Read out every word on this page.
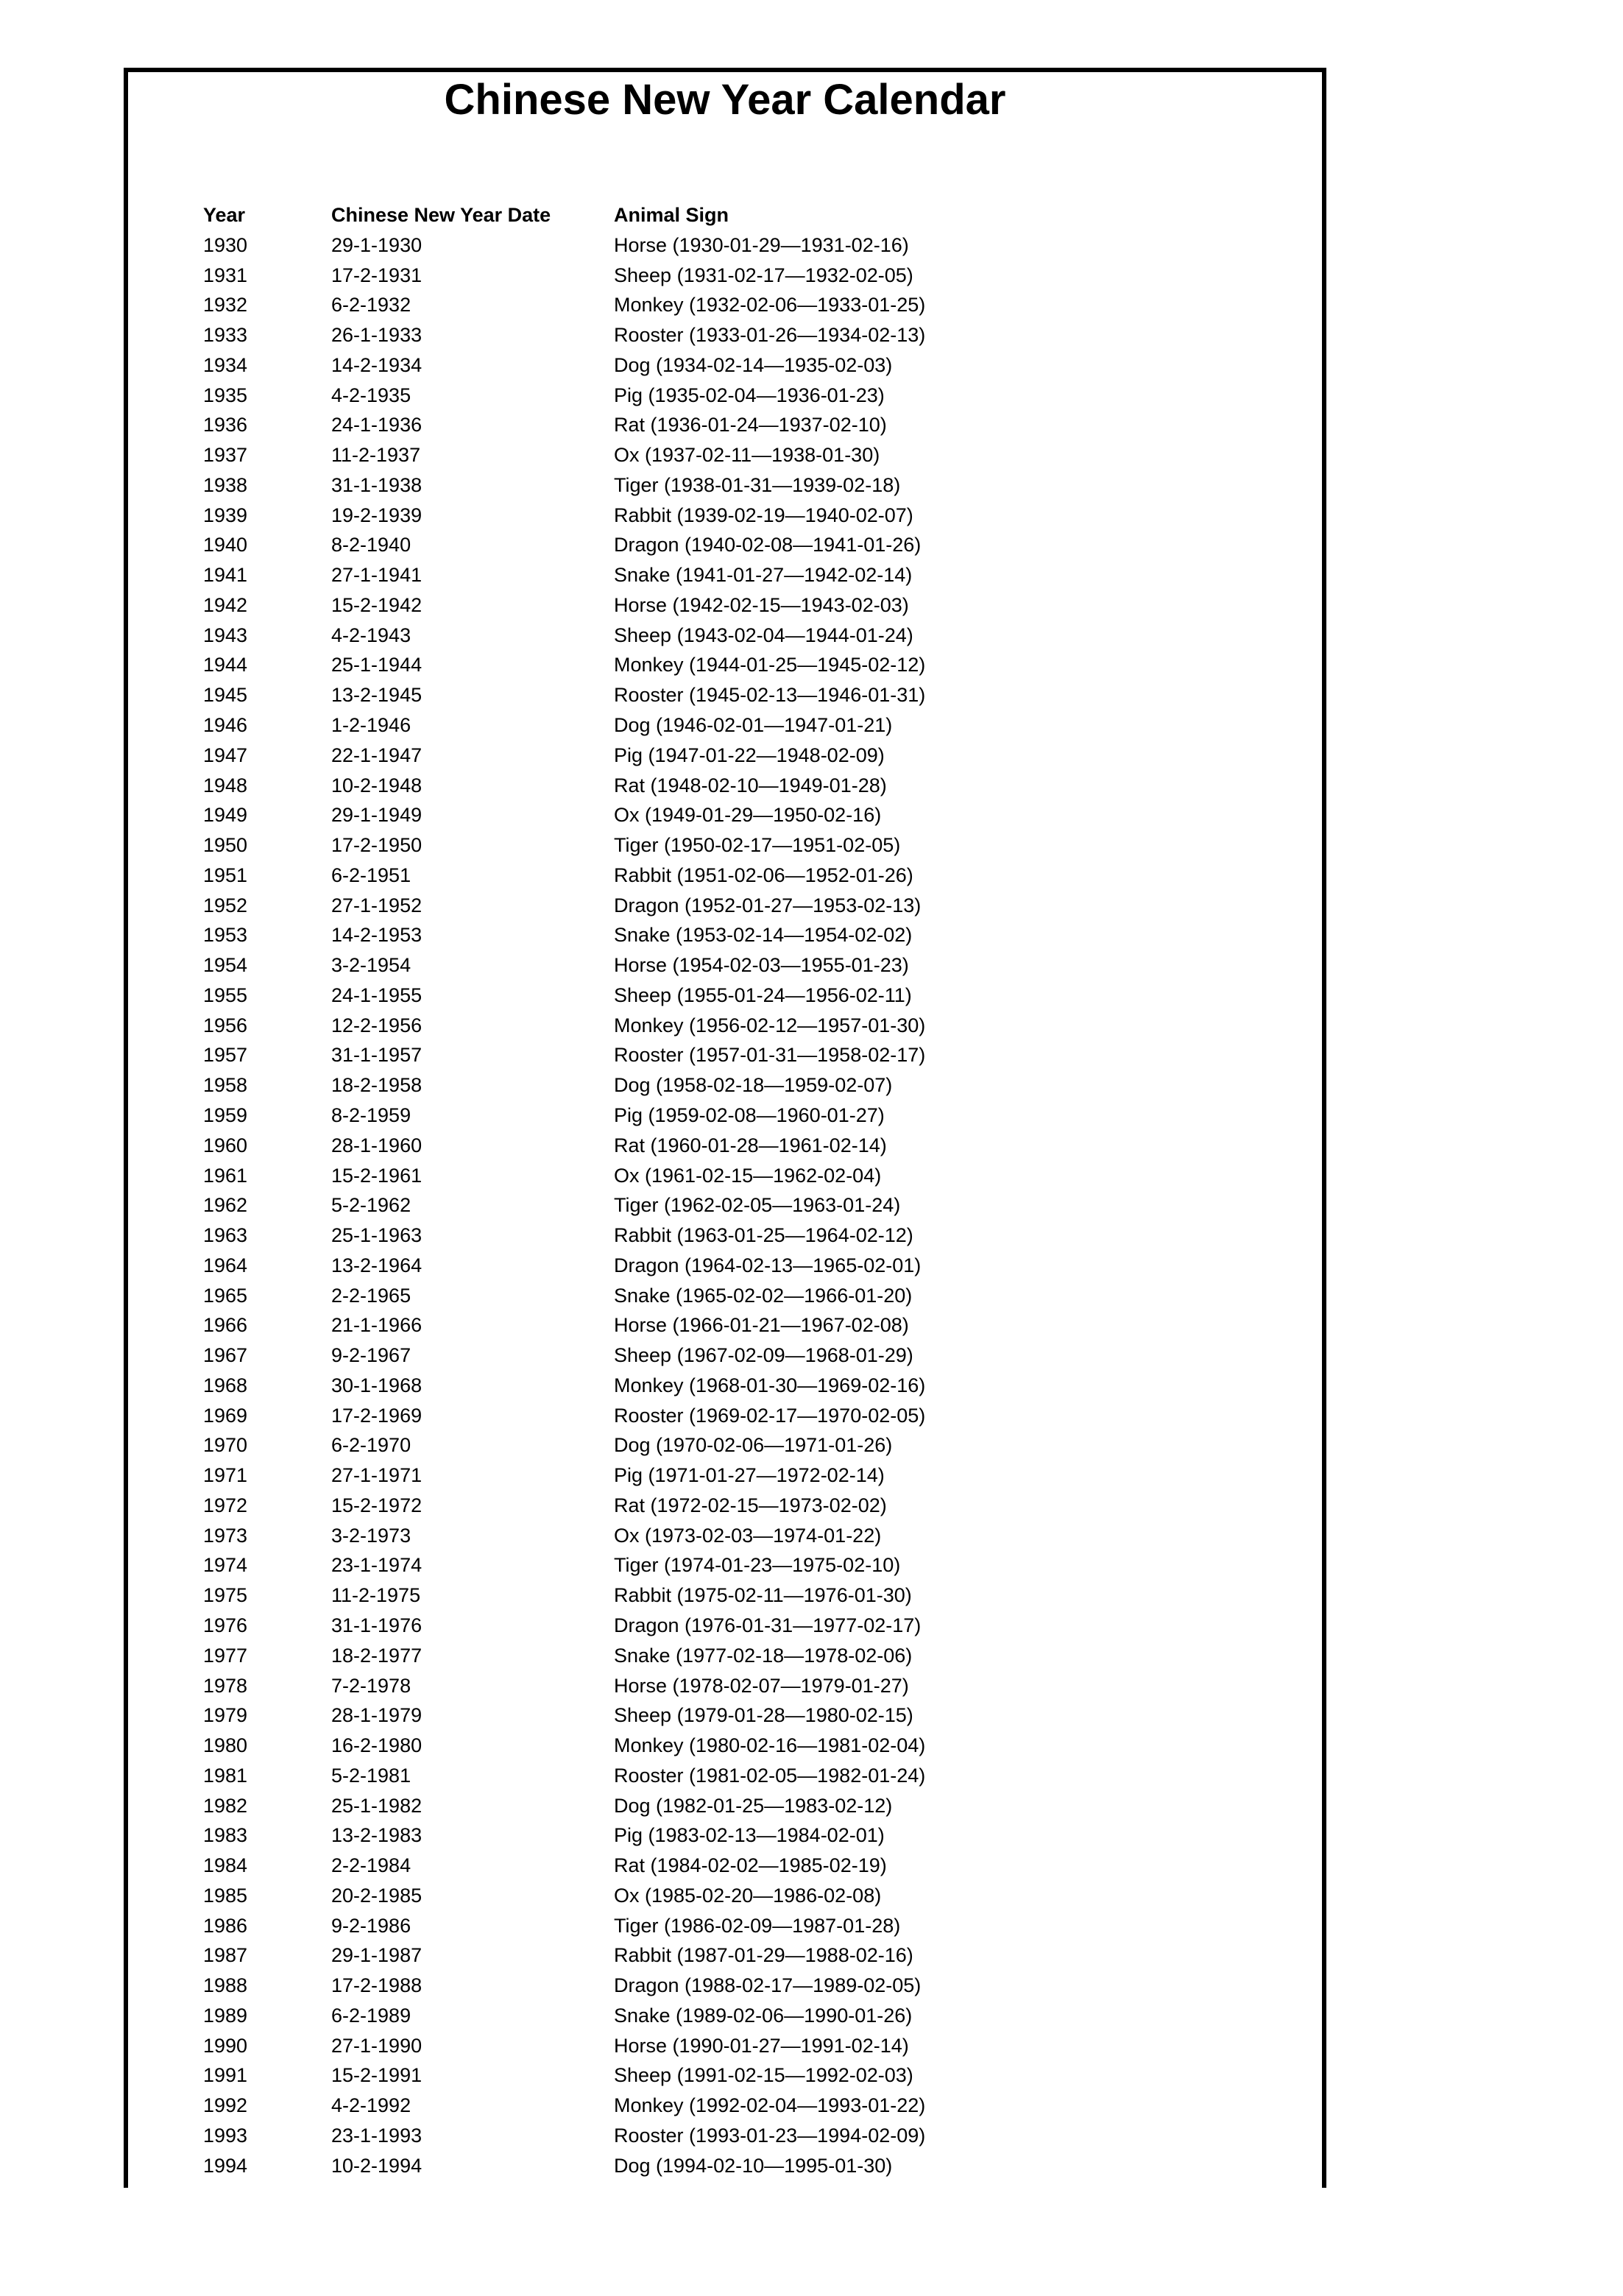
Chinese New Year Calendar
Year	Chinese New Year Date	Animal Sign
1930	29-1-1930	Horse (1930-01-29—1931-02-16)
1931	17-2-1931	Sheep (1931-02-17—1932-02-05)
1932	6-2-1932	Monkey (1932-02-06—1933-01-25)
1933	26-1-1933	Rooster (1933-01-26—1934-02-13)
1934	14-2-1934	Dog (1934-02-14—1935-02-03)
1935	4-2-1935	Pig (1935-02-04—1936-01-23)
1936	24-1-1936	Rat (1936-01-24—1937-02-10)
1937	11-2-1937	Ox (1937-02-11—1938-01-30)
1938	31-1-1938	Tiger (1938-01-31—1939-02-18)
1939	19-2-1939	Rabbit (1939-02-19—1940-02-07)
1940	8-2-1940	Dragon (1940-02-08—1941-01-26)
1941	27-1-1941	Snake (1941-01-27—1942-02-14)
1942	15-2-1942	Horse (1942-02-15—1943-02-03)
1943	4-2-1943	Sheep (1943-02-04—1944-01-24)
1944	25-1-1944	Monkey (1944-01-25—1945-02-12)
1945	13-2-1945	Rooster (1945-02-13—1946-01-31)
1946	1-2-1946	Dog (1946-02-01—1947-01-21)
1947	22-1-1947	Pig (1947-01-22—1948-02-09)
1948	10-2-1948	Rat (1948-02-10—1949-01-28)
1949	29-1-1949	Ox (1949-01-29—1950-02-16)
1950	17-2-1950	Tiger (1950-02-17—1951-02-05)
1951	6-2-1951	Rabbit (1951-02-06—1952-01-26)
1952	27-1-1952	Dragon (1952-01-27—1953-02-13)
1953	14-2-1953	Snake (1953-02-14—1954-02-02)
1954	3-2-1954	Horse (1954-02-03—1955-01-23)
1955	24-1-1955	Sheep (1955-01-24—1956-02-11)
1956	12-2-1956	Monkey (1956-02-12—1957-01-30)
1957	31-1-1957	Rooster (1957-01-31—1958-02-17)
1958	18-2-1958	Dog (1958-02-18—1959-02-07)
1959	8-2-1959	Pig (1959-02-08—1960-01-27)
1960	28-1-1960	Rat (1960-01-28—1961-02-14)
1961	15-2-1961	Ox (1961-02-15—1962-02-04)
1962	5-2-1962	Tiger (1962-02-05—1963-01-24)
1963	25-1-1963	Rabbit (1963-01-25—1964-02-12)
1964	13-2-1964	Dragon (1964-02-13—1965-02-01)
1965	2-2-1965	Snake (1965-02-02—1966-01-20)
1966	21-1-1966	Horse (1966-01-21—1967-02-08)
1967	9-2-1967	Sheep (1967-02-09—1968-01-29)
1968	30-1-1968	Monkey (1968-01-30—1969-02-16)
1969	17-2-1969	Rooster (1969-02-17—1970-02-05)
1970	6-2-1970	Dog (1970-02-06—1971-01-26)
1971	27-1-1971	Pig (1971-01-27—1972-02-14)
1972	15-2-1972	Rat (1972-02-15—1973-02-02)
1973	3-2-1973	Ox (1973-02-03—1974-01-22)
1974	23-1-1974	Tiger (1974-01-23—1975-02-10)
1975	11-2-1975	Rabbit (1975-02-11—1976-01-30)
1976	31-1-1976	Dragon (1976-01-31—1977-02-17)
1977	18-2-1977	Snake (1977-02-18—1978-02-06)
1978	7-2-1978	Horse (1978-02-07—1979-01-27)
1979	28-1-1979	Sheep (1979-01-28—1980-02-15)
1980	16-2-1980	Monkey (1980-02-16—1981-02-04)
1981	5-2-1981	Rooster (1981-02-05—1982-01-24)
1982	25-1-1982	Dog (1982-01-25—1983-02-12)
1983	13-2-1983	Pig (1983-02-13—1984-02-01)
1984	2-2-1984	Rat (1984-02-02—1985-02-19)
1985	20-2-1985	Ox (1985-02-20—1986-02-08)
1986	9-2-1986	Tiger (1986-02-09—1987-01-28)
1987	29-1-1987	Rabbit (1987-01-29—1988-02-16)
1988	17-2-1988	Dragon (1988-02-17—1989-02-05)
1989	6-2-1989	Snake (1989-02-06—1990-01-26)
1990	27-1-1990	Horse (1990-01-27—1991-02-14)
1991	15-2-1991	Sheep (1991-02-15—1992-02-03)
1992	4-2-1992	Monkey (1992-02-04—1993-01-22)
1993	23-1-1993	Rooster (1993-01-23—1994-02-09)
1994	10-2-1994	Dog (1994-02-10—1995-01-30)
